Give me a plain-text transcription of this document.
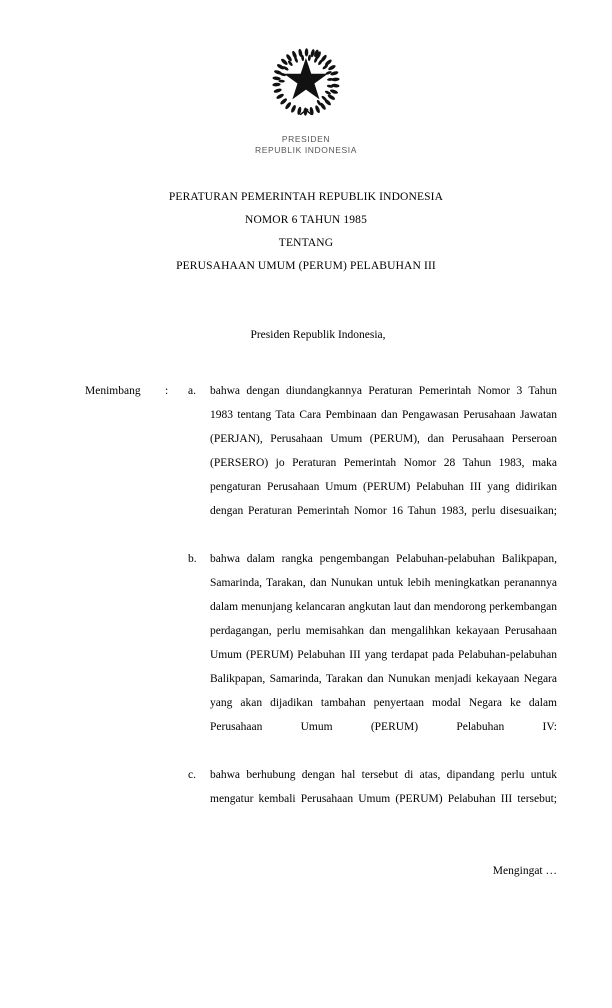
PRESIDEN
REPUBLIK INDONESIA
PERATURAN PEMERINTAH REPUBLIK INDONESIA
NOMOR 6 TAHUN 1985
TENTANG
PERUSAHAAN UMUM (PERUM) PELABUHAN III
Presiden Republik Indonesia,
Menimbang	:	a.	bahwa dengan diundangkannya Peraturan Pemerintah Nomor 3 Tahun 1983 tentang Tata Cara Pembinaan dan Pengawasan Perusahaan Jawatan (PERJAN), Perusahaan Umum (PERUM), dan Perusahaan Perseroan (PERSERO) jo Peraturan Pemerintah Nomor 28 Tahun 1983, maka pengaturan Perusahaan Umum (PERUM) Pelabuhan III yang didirikan dengan Peraturan Pemerintah Nomor 16 Tahun 1983, perlu disesuaikan;
b.	bahwa dalam rangka pengembangan Pelabuhan-pelabuhan Balikpapan, Samarinda, Tarakan, dan Nunukan untuk lebih meningkatkan peranannya dalam menunjang kelancaran angkutan laut dan mendorong perkembangan perdagangan, perlu memisahkan dan mengalihkan kekayaan Perusahaan Umum (PERUM) Pelabuhan III yang terdapat pada Pelabuhan-pelabuhan Balikpapan, Samarinda, Tarakan dan Nunukan menjadi kekayaan Negara yang akan dijadikan tambahan penyertaan modal Negara ke dalam Perusahaan Umum (PERUM) Pelabuhan IV:
c.	bahwa berhubung dengan hal tersebut di atas, dipandang perlu untuk mengatur kembali Perusahaan Umum (PERUM) Pelabuhan III tersebut;
Mengingat …
